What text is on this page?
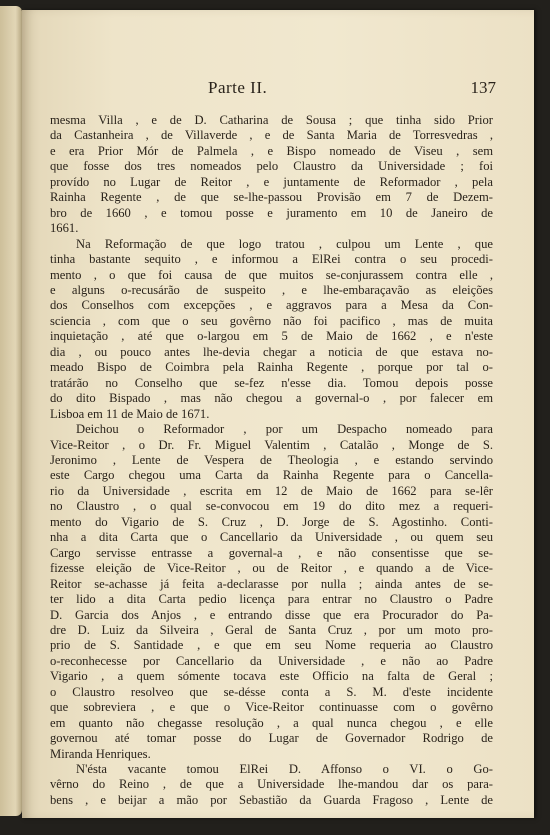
Parte II.	137

mesma Villa , e de D. Catharina de Sousa ; que tinha sido Prior

da Castanheira , de Villaverde , e de Santa Maria de Torresvedras ,

e era Prior Mór de Palmela , e Bispo nomeado de Viseu , sem

que fosse dos tres nomeados pelo Claustro da Universidade ; foi

provído no Lugar de Reitor , e juntamente de Reformador , pela

Rainha Regente , de que se-lhe-passou Provisão em 7 de Dezem-

bro de 1660 , e tomou posse e juramento em 10 de Janeiro de

1661.

Na Reformação de que logo tratou , culpou um Lente , que

tinha bastante sequito , e informou a ElRei contra o seu procedi-

mento , o que foi causa de que muitos se-conjurassem contra elle ,

e alguns o-recusárão de suspeito , e lhe-embaraçavão as eleições

dos Conselhos com excepções , e aggravos para a Mesa da Con-

sciencia , com que o seu govêrno não foi pacifico , mas de muita

inquietação , até que o-largou em 5 de Maio de 1662 , e n'este

dia , ou pouco antes lhe-devia chegar a noticia de que estava no-

meado Bispo de Coimbra pela Rainha Regente , porque por tal o-

tratárão no Conselho que se-fez n'esse dia. Tomou depois posse

do dito Bispado , mas não chegou a governal-o , por falecer em

Lisboa em 11 de Maio de 1671.

Deichou o Reformador , por um Despacho nomeado para

Vice-Reitor , o Dr. Fr. Miguel Valentim , Catalão , Monge de S.

Jeronimo , Lente de Vespera de Theologia , e estando servindo

este Cargo chegou uma Carta da Rainha Regente para o Cancella-

rio da Universidade , escrita em 12 de Maio de 1662 para se-lêr

no Claustro , o qual se-convocou em 19 do dito mez a requeri-

mento do Vigario de S. Cruz , D. Jorge de S. Agostinho. Conti-

nha a dita Carta que o Cancellario da Universidade , ou quem seu

Cargo servisse entrasse a governal-a , e não consentisse que se-

fizesse eleição de Vice-Reitor , ou de Reitor , e quando a de Vice-

Reitor se-achasse já feita a-declarasse por nulla ; ainda antes de se-

ter lido a dita Carta pedio licença para entrar no Claustro o Padre

D. Garcia dos Anjos , e entrando disse que era Procurador do Pa-

dre D. Luiz da Silveira , Geral de Santa Cruz , por um moto pro-

prio de S. Santidade , e que em seu Nome requeria ao Claustro

o-reconhecesse por Cancellario da Universidade , e não ao Padre

Vigario , a quem sómente tocava este Officio na falta de Geral ;

o Claustro resolveo que se-désse conta a S. M. d'este incidente

que sobreviera , e que o Vice-Reitor continuasse com o govêrno

em quanto não chegasse resolução , a qual nunca chegou , e elle

governou até tomar posse do Lugar de Governador Rodrigo de

Miranda Henriques.

N'ésta vacante tomou ElRei D. Affonso o VI. o Go-

vêrno do Reino , de que a Universidade lhe-mandou dar os para-

bens , e beijar a mão por Sebastião da Guarda Fragoso , Lente de
